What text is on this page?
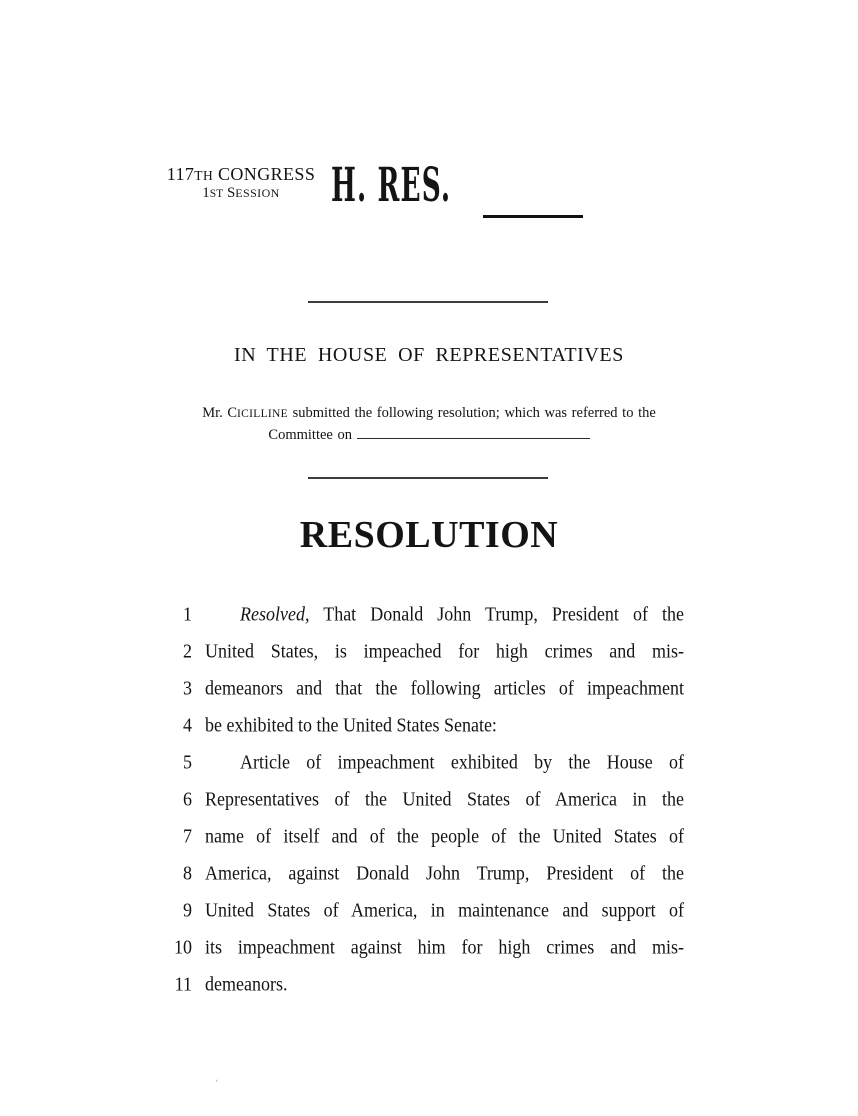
117TH CONGRESS
1ST SESSION	H. RES.
IN THE HOUSE OF REPRESENTATIVES
Mr. CICILLINE submitted the following resolution; which was referred to the
Committee on
RESOLUTION
1	Resolved, That Donald John Trump, President of the
2 United States, is impeached for high crimes and mis-
3 demeanors and that the following articles of impeachment
4 be exhibited to the United States Senate:
5	Article of impeachment exhibited by the House of
6 Representatives of the United States of America in the
7 name of itself and of the people of the United States of
8 America, against Donald John Trump, President of the
9 United States of America, in maintenance and support of
10 its impeachment against him for high crimes and mis-
11 demeanors.
ʹ
